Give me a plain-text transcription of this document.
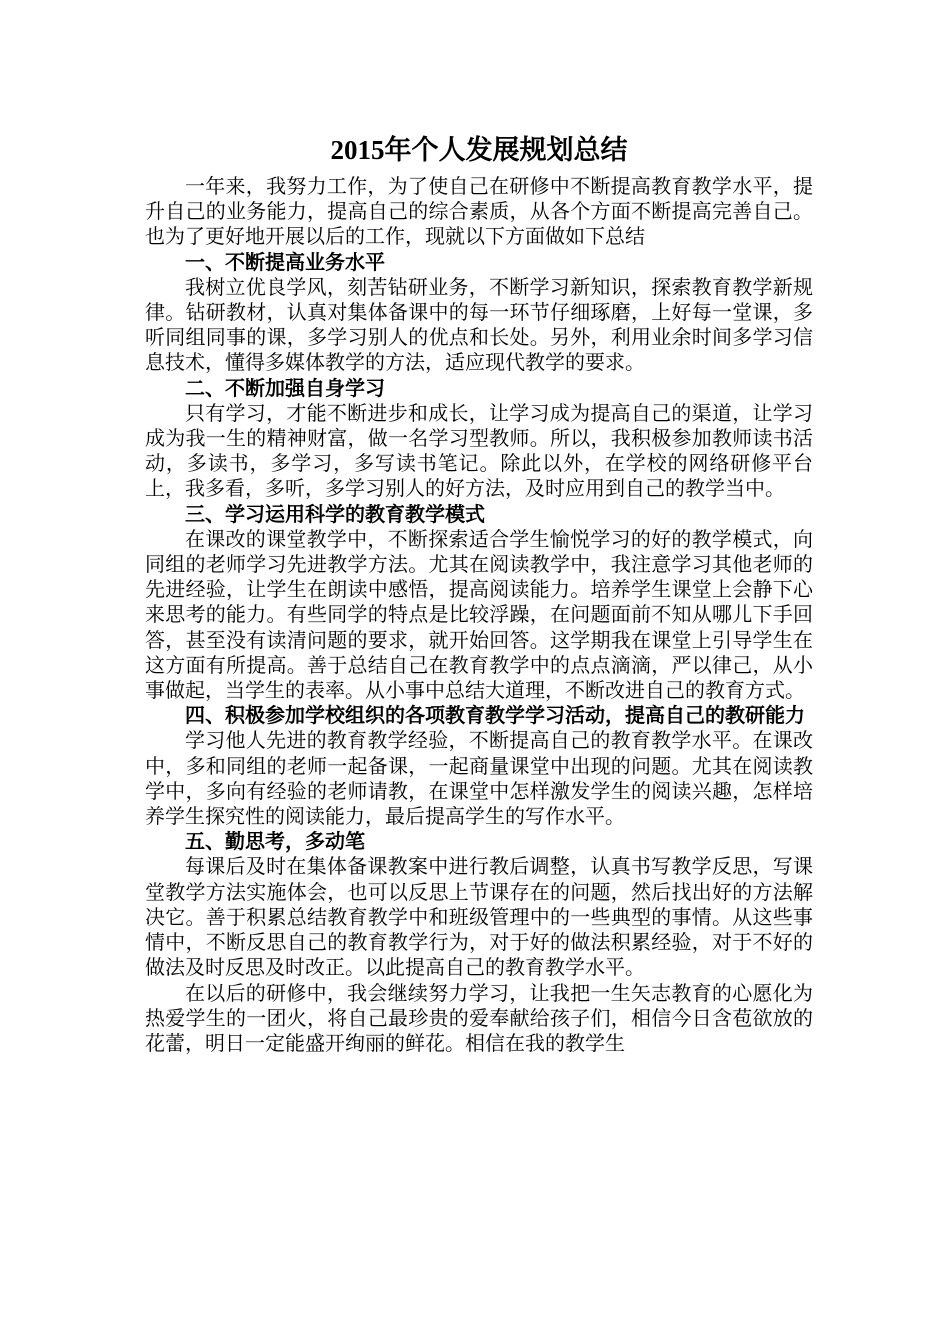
2015年个人发展规划总结

一年来，我努力工作，为了使自己在研修中不断提高教育教学水平，提升自己的业务能力，提高自己的综合素质，从各个方面不断提高完善自己。也为了更好地开展以后的工作，现就以下方面做如下总结

一、不断提高业务水平

我树立优良学风，刻苦钻研业务，不断学习新知识，探索教育教学新规律。钻研教材，认真对集体备课中的每一环节仔细琢磨，上好每一堂课，多听同组同事的课，多学习别人的优点和长处。另外，利用业余时间多学习信息技术，懂得多媒体教学的方法，适应现代教学的要求。

二、不断加强自身学习

只有学习，才能不断进步和成长，让学习成为提高自己的渠道，让学习成为我一生的精神财富，做一名学习型教师。所以，我积极参加教师读书活动，多读书，多学习，多写读书笔记。除此以外，在学校的网络研修平台上，我多看，多听，多学习别人的好方法，及时应用到自己的教学当中。

三、学习运用科学的教育教学模式

在课改的课堂教学中，不断探索适合学生愉悦学习的好的教学模式，向同组的老师学习先进教学方法。尤其在阅读教学中，我注意学习其他老师的先进经验，让学生在朗读中感悟，提高阅读能力。培养学生课堂上会静下心来思考的能力。有些同学的特点是比较浮躁，在问题面前不知从哪儿下手回答，甚至没有读清问题的要求，就开始回答。这学期我在课堂上引导学生在这方面有所提高。善于总结自己在教育教学中的点点滴滴，严以律己，从小事做起，当学生的表率。从小事中总结大道理，不断改进自己的教育方式。

四、积极参加学校组织的各项教育教学学习活动，提高自己的教研能力

学习他人先进的教育教学经验，不断提高自己的教育教学水平。在课改中，多和同组的老师一起备课，一起商量课堂中出现的问题。尤其在阅读教学中，多向有经验的老师请教，在课堂中怎样激发学生的阅读兴趣，怎样培养学生探究性的阅读能力，最后提高学生的写作水平。

五、勤思考，多动笔

每课后及时在集体备课教案中进行教后调整，认真书写教学反思，写课堂教学方法实施体会，也可以反思上节课存在的问题，然后找出好的方法解决它。善于积累总结教育教学中和班级管理中的一些典型的事情。从这些事情中，不断反思自己的教育教学行为，对于好的做法积累经验，对于不好的做法及时反思及时改正。以此提高自己的教育教学水平。

在以后的研修中，我会继续努力学习，让我把一生矢志教育的心愿化为热爱学生的一团火，将自己最珍贵的爱奉献给孩子们，相信今日含苞欲放的花蕾，明日一定能盛开绚丽的鲜花。相信在我的教学生
